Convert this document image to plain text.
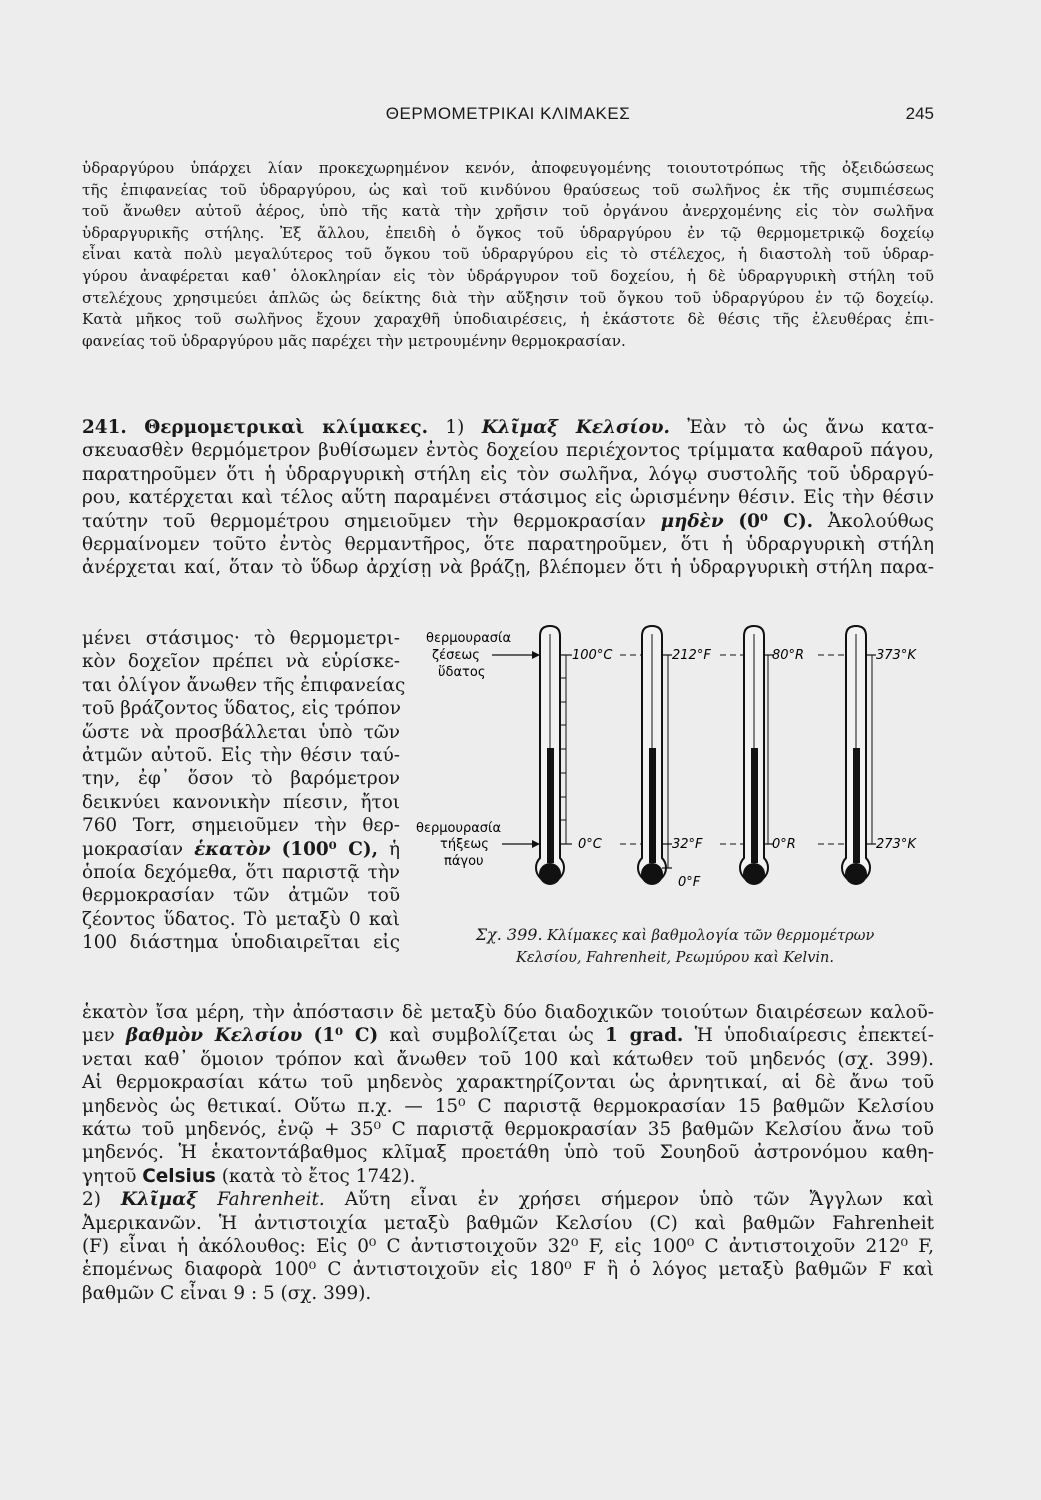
ΘΕΡΜΟΜΕΤΡΙΚΑΙ ΚΛΙΜΑΚΕΣ	245
ὑδραργύρου ὑπάρχει λίαν προκεχωρημένον κενόν, ἀποφευγομένης τοιουτοτρόπως τῆς ὀξειδώσεως
τῆς ἐπιφανείας τοῦ ὑδραργύρου, ὡς καὶ τοῦ κινδύνου θραύσεως τοῦ σωλῆνος ἐκ τῆς συμπιέσεως
τοῦ ἄνωθεν αὐτοῦ ἀέρος, ὑπὸ τῆς κατὰ τὴν χρῆσιν τοῦ ὀργάνου ἀνερχομένης εἰς τὸν σωλῆνα
ὑδραργυρικῆς στήλης. Ἐξ ἄλλου, ἐπειδὴ ὁ ὄγκος τοῦ ὑδραργύρου ἐν τῷ θερμομετρικῷ δοχείῳ
εἶναι κατὰ πολὺ μεγαλύτερος τοῦ ὄγκου τοῦ ὑδραργύρου εἰς τὸ στέλεχος, ἡ διαστολὴ τοῦ ὑδραρ-
γύρου ἀναφέρεται καθ᾽ ὁλοκληρίαν εἰς τὸν ὑδράργυρον τοῦ δοχείου, ἡ δὲ ὑδραργυρικὴ στήλη τοῦ
στελέχους χρησιμεύει ἁπλῶς ὡς δείκτης διὰ τὴν αὔξησιν τοῦ ὄγκου τοῦ ὑδραργύρου ἐν τῷ δοχείῳ.
Κατὰ μῆκος τοῦ σωλῆνος ἔχουν χαραχθῆ ὑποδιαιρέσεις, ἡ ἑκάστοτε δὲ θέσις τῆς ἐλευθέρας ἐπι-
φανείας τοῦ ὑδραργύρου μᾶς παρέχει τὴν μετρουμένην θερμοκρασίαν.
241. Θερμομετρικαὶ κλίμακες. 1) Κλῖμαξ Κελσίου. Ἐὰν τὸ ὡς ἄνω κατα-
σκευασθὲν θερμόμετρον βυθίσωμεν ἐντὸς δοχείου περιέχοντος τρίμματα καθαροῦ πάγου,
παρατηροῦμεν ὅτι ἡ ὑδραργυρικὴ στήλη εἰς τὸν σωλῆνα, λόγῳ συστολῆς τοῦ ὑδραργύ-
ρου, κατέρχεται καὶ τέλος αὕτη παραμένει στάσιμος εἰς ὡρισμένην θέσιν. Εἰς τὴν θέσιν
ταύτην τοῦ θερμομέτρου σημειοῦμεν τὴν θερμοκρασίαν μηδὲν (0⁰ C). Ἀκολούθως
θερμαίνομεν τοῦτο ἐντὸς θερμαντῆρος, ὅτε παρατηροῦμεν, ὅτι ἡ ὑδραργυρικὴ στήλη
ἀνέρχεται καί, ὅταν τὸ ὕδωρ ἀρχίσῃ νὰ βράζῃ, βλέπομεν ὅτι ἡ ὑδραργυρικὴ στήλη παρα-
μένει στάσιμος· τὸ θερμομετρι-
κὸν δοχεῖον πρέπει νὰ εὑρίσκε-
ται ὀλίγον ἄνωθεν τῆς ἐπιφανείας
τοῦ βράζοντος ὕδατος, εἰς τρόπον
ὥστε νὰ προσβάλλεται ὑπὸ τῶν
ἀτμῶν αὐτοῦ. Εἰς τὴν θέσιν ταύ-
την, ἐφ᾽ ὅσον τὸ βαρόμετρον
δεικνύει κανονικὴν πίεσιν, ἤτοι
760 Torr, σημειοῦμεν τὴν θερ-
μοκρασίαν ἑκατὸν (100⁰ C), ἡ
ὁποία δεχόμεθα, ὅτι παριστᾷ τὴν
θερμοκρασίαν τῶν ἀτμῶν τοῦ
ζέοντος ὕδατος. Τὸ μεταξὺ 0 καὶ
100 διάστημα ὑποδιαιρεῖται εἰς
θερμουρασία
ζέσεως
ὕδατος
θερμουρασία
τήξεως
πάγου
100°C
0°C
212°F
32°F
0°F
80°R
0°R
373°K
273°K
Σχ. 399. Κλίμακες καὶ βαθμολογία τῶν θερμομέτρων
Κελσίου, Fahrenheit, Ρεωμύρου καὶ Kelvin.
ἑκατὸν ἴσα μέρη, τὴν ἀπόστασιν δὲ μεταξὺ δύο διαδοχικῶν τοιούτων διαιρέσεων καλοῦ-
μεν βαθμὸν Κελσίου (1⁰ C) καὶ συμβολίζεται ὡς 1 grad. Ἡ ὑποδιαίρεσις ἐπεκτεί-
νεται καθ᾽ ὅμοιον τρόπον καὶ ἄνωθεν τοῦ 100 καὶ κάτωθεν τοῦ μηδενός (σχ. 399).
Αἱ θερμοκρασίαι κάτω τοῦ μηδενὸς χαρακτηρίζονται ὡς ἀρνητικαί, αἱ δὲ ἄνω τοῦ
μηδενὸς ὡς θετικαί. Οὕτω π.χ. — 15⁰ C παριστᾷ θερμοκρασίαν 15 βαθμῶν Κελσίου
κάτω τοῦ μηδενός, ἐνῷ + 35⁰ C παριστᾷ θερμοκρασίαν 35 βαθμῶν Κελσίου ἄνω τοῦ
μηδενός. Ἡ ἑκατοντάβαθμος κλῖμαξ προετάθη ὑπὸ τοῦ Σουηδοῦ ἀστρονόμου καθη-
γητοῦ Celsius (κατὰ τὸ ἔτος 1742).
2) Κλῖμαξ Fahrenheit. Αὕτη εἶναι ἐν χρήσει σήμερον ὑπὸ τῶν Ἄγγλων καὶ
Ἀμερικανῶν. Ἡ ἀντιστοιχία μεταξὺ βαθμῶν Κελσίου (C) καὶ βαθμῶν Fahrenheit
(F) εἶναι ἡ ἀκόλουθος: Εἰς 0⁰ C ἀντιστοιχοῦν 32⁰ F, εἰς 100⁰ C ἀντιστοιχοῦν 212⁰ F,
ἑπομένως διαφορὰ 100⁰ C ἀντιστοιχοῦν εἰς 180⁰ F ἢ ὁ λόγος μεταξὺ βαθμῶν F καὶ
βαθμῶν C εἶναι 9 : 5 (σχ. 399).
